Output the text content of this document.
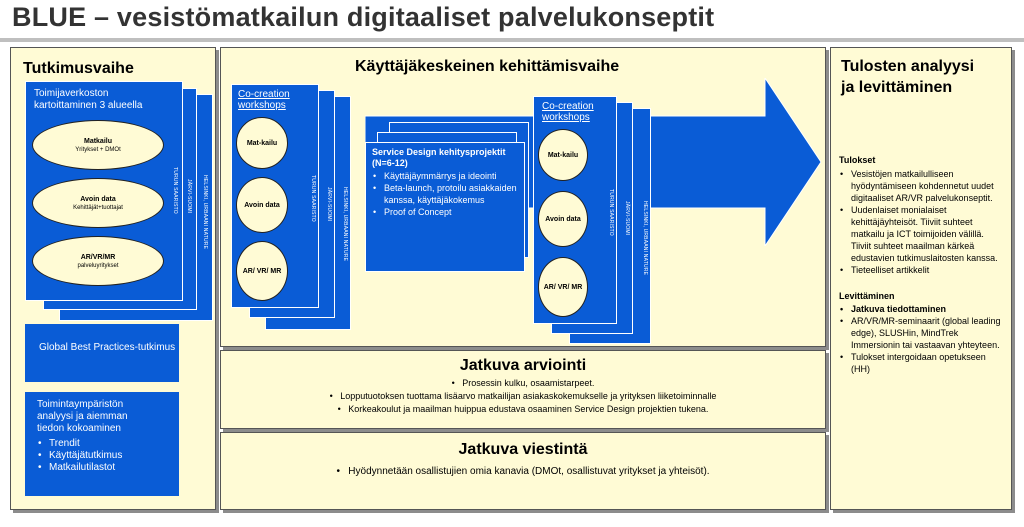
BLUE – vesistömatkailun digitaaliset palvelukonseptit
Tutkimusvaihe
HELSINKI, URBAANI NATURE
JÄRVI-SUOMI
TURUN SAARISTO
Toimijaverkoston kartoittaminen 3 alueella
Matkailu
Yritykset + DMOt
Avoin data
Kehittäjät+tuottajat
AR/VR/MR
palveluyritykset
Global Best Practices-tutkimus
Toimintaympäristön analyysi ja aiemman tiedon kokoaminen
• Trendit
• Käyttäjätutkimus
• Matkailutilastot
Käyttäjäkeskeinen kehittämisvaihe
HELSINKI, URBAANI NATURE
JÄRVI-SUOMI
TURUN SAARISTO
Co-creation workshops
Mat-kailu
Avoin data
AR/ VR/ MR
Service Design kehitysprojektit (N=6-12)
• Käyttäjäymmärrys ja ideointi
• Beta-launch, protoilu asiakkaiden kanssa, käyttäjäkokemus
• Proof of Concept	HELSINKI, URBAANI NATURE
JÄRVI-SUOMI
TURUN SAARISTO
Co-creation workshops
Mat-kailu
Avoin data
AR/ VR/ MR
Jatkuva arviointi
•   Prosessin kulku, osaamistarpeet.
•   Lopputuotoksen tuottama lisäarvo matkailijan asiakaskokemukselle ja yrityksen liiketoiminnalle
•   Korkeakoulut ja maailman huippua edustava osaaminen Service Design projektien tukena.
Jatkuva viestintä
•   Hyödynnetään osallistujien omia kanavia (DMOt, osallistuvat yritykset ja yhteisöt).
Tulosten analyysi ja levittäminen
Tulokset
• Vesistöjen matkailulliseen hyödyntämiseen kohdennetut uudet digitaaliset AR/VR palvelukonseptit.
• Uudenlaiset monialaiset kehittäjäyhteisöt. Tiiviit suhteet matkailu ja ICT toimijoiden välillä. Tiiviit suhteet maailman kärkeä edustavien tutkimuslaitosten kanssa.
• Tieteelliset artikkelit
Levittäminen
• Jatkuva tiedottaminen
• AR/VR/MR-seminaarit (global leading edge), SLUSHin, MindTrek Immersionin tai vastaavan yhteyteen.
• Tulokset intergoidaan opetukseen (HH)
